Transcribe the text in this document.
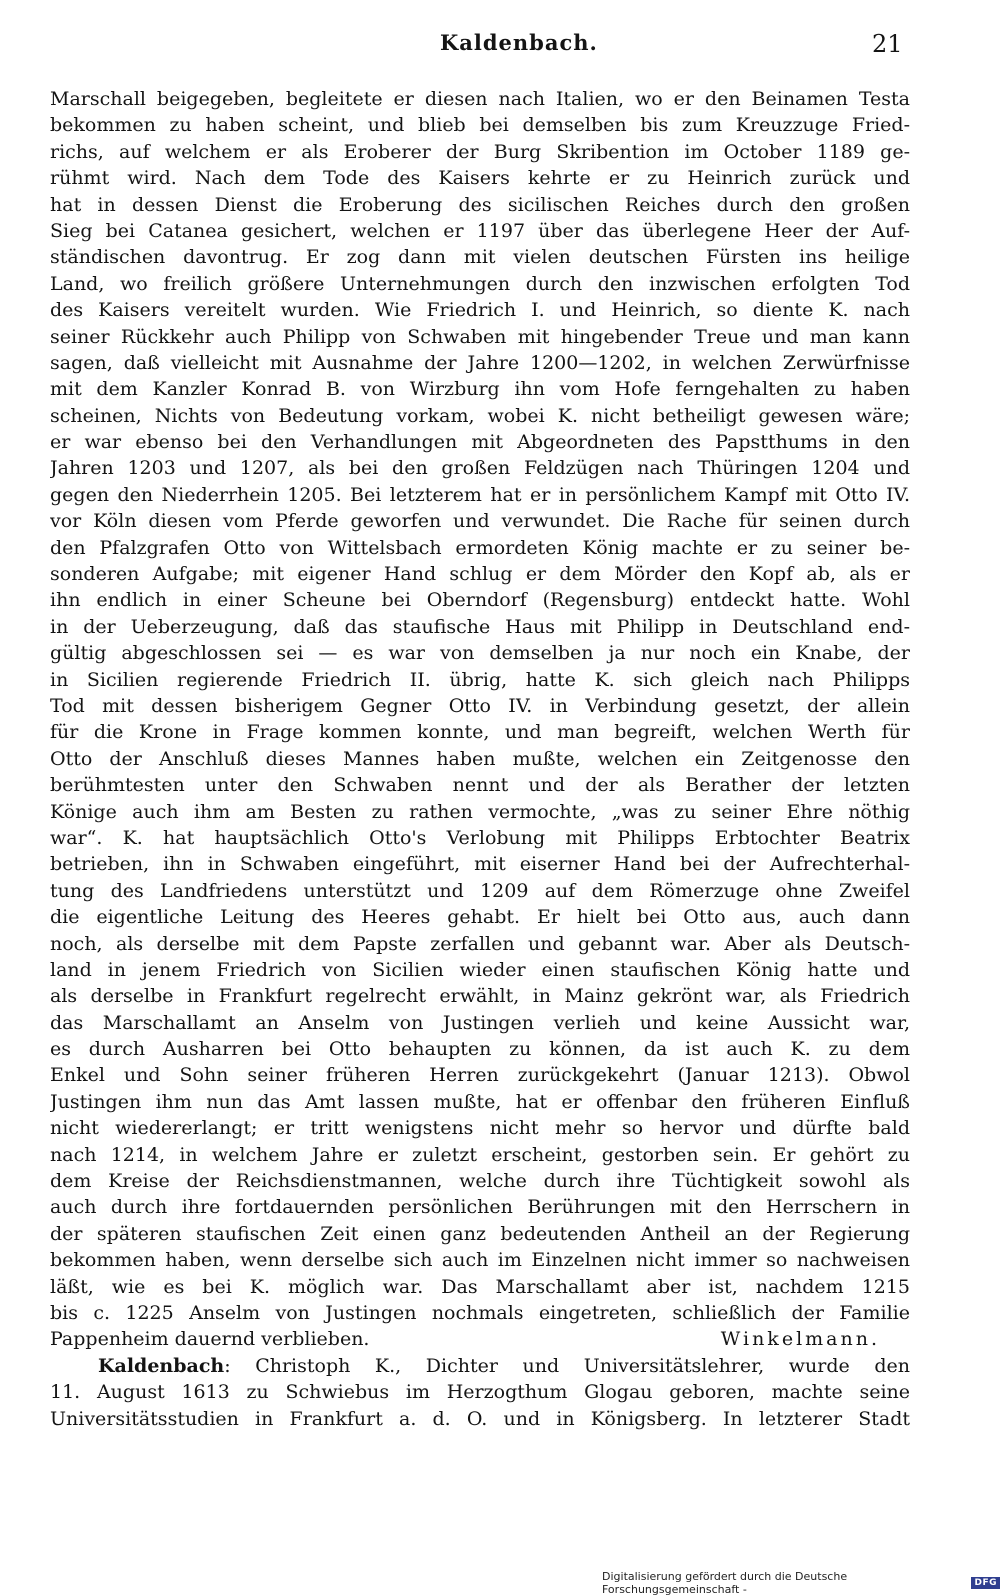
Kaldenbach.	21
Marschall beigegeben, begleitete er diesen nach Italien, wo er den Beinamen Testa
bekommen zu haben scheint, und blieb bei demselben bis zum Kreuzzuge Fried-
richs, auf welchem er als Eroberer der Burg Skribention im October 1189 ge-
rühmt wird. Nach dem Tode des Kaisers kehrte er zu Heinrich zurück und
hat in dessen Dienst die Eroberung des sicilischen Reiches durch den großen
Sieg bei Catanea gesichert, welchen er 1197 über das überlegene Heer der Auf-
ständischen davontrug. Er zog dann mit vielen deutschen Fürsten ins heilige
Land, wo freilich größere Unternehmungen durch den inzwischen erfolgten Tod
des Kaisers vereitelt wurden. Wie Friedrich I. und Heinrich, so diente K. nach
seiner Rückkehr auch Philipp von Schwaben mit hingebender Treue und man kann
sagen, daß vielleicht mit Ausnahme der Jahre 1200—1202, in welchen Zerwürfnisse
mit dem Kanzler Konrad B. von Wirzburg ihn vom Hofe ferngehalten zu haben
scheinen, Nichts von Bedeutung vorkam, wobei K. nicht betheiligt gewesen wäre;
er war ebenso bei den Verhandlungen mit Abgeordneten des Papstthums in den
Jahren 1203 und 1207, als bei den großen Feldzügen nach Thüringen 1204 und
gegen den Niederrhein 1205. Bei letzterem hat er in persönlichem Kampf mit Otto IV.
vor Köln diesen vom Pferde geworfen und verwundet. Die Rache für seinen durch
den Pfalzgrafen Otto von Wittelsbach ermordeten König machte er zu seiner be-
sonderen Aufgabe; mit eigener Hand schlug er dem Mörder den Kopf ab, als er
ihn endlich in einer Scheune bei Oberndorf (Regensburg) entdeckt hatte. Wohl
in der Ueberzeugung, daß das staufische Haus mit Philipp in Deutschland end-
gültig abgeschlossen sei — es war von demselben ja nur noch ein Knabe, der
in Sicilien regierende Friedrich II. übrig, hatte K. sich gleich nach Philipps
Tod mit dessen bisherigem Gegner Otto IV. in Verbindung gesetzt, der allein
für die Krone in Frage kommen konnte, und man begreift, welchen Werth für
Otto der Anschluß dieses Mannes haben mußte, welchen ein Zeitgenosse den
berühmtesten unter den Schwaben nennt und der als Berather der letzten
Könige auch ihm am Besten zu rathen vermochte, „was zu seiner Ehre nöthig
war“. K. hat hauptsächlich Otto's Verlobung mit Philipps Erbtochter Beatrix
betrieben, ihn in Schwaben eingeführt, mit eiserner Hand bei der Aufrechterhal-
tung des Landfriedens unterstützt und 1209 auf dem Römerzuge ohne Zweifel
die eigentliche Leitung des Heeres gehabt. Er hielt bei Otto aus, auch dann
noch, als derselbe mit dem Papste zerfallen und gebannt war. Aber als Deutsch-
land in jenem Friedrich von Sicilien wieder einen staufischen König hatte und
als derselbe in Frankfurt regelrecht erwählt, in Mainz gekrönt war, als Friedrich
das Marschallamt an Anselm von Justingen verlieh und keine Aussicht war,
es durch Ausharren bei Otto behaupten zu können, da ist auch K. zu dem
Enkel und Sohn seiner früheren Herren zurückgekehrt (Januar 1213). Obwol
Justingen ihm nun das Amt lassen mußte, hat er offenbar den früheren Einfluß
nicht wiedererlangt; er tritt wenigstens nicht mehr so hervor und dürfte bald
nach 1214, in welchem Jahre er zuletzt erscheint, gestorben sein. Er gehört zu
dem Kreise der Reichsdienstmannen, welche durch ihre Tüchtigkeit sowohl als
auch durch ihre fortdauernden persönlichen Berührungen mit den Herrschern in
der späteren staufischen Zeit einen ganz bedeutenden Antheil an der Regierung
bekommen haben, wenn derselbe sich auch im Einzelnen nicht immer so nachweisen
läßt, wie es bei K. möglich war. Das Marschallamt aber ist, nachdem 1215
bis c. 1225 Anselm von Justingen nochmals eingetreten, schließlich der Familie
Pappenheim dauernd verblieben.	Winkelmann.
Kaldenbach: Christoph K., Dichter und Universitätslehrer, wurde den
11. August 1613 zu Schwiebus im Herzogthum Glogau geboren, machte seine
Universitätsstudien in Frankfurt a. d. O. und in Königsberg. In letzterer Stadt
Digitalisierung gefördert durch die Deutsche Forschungsgemeinschaft -	DFG
